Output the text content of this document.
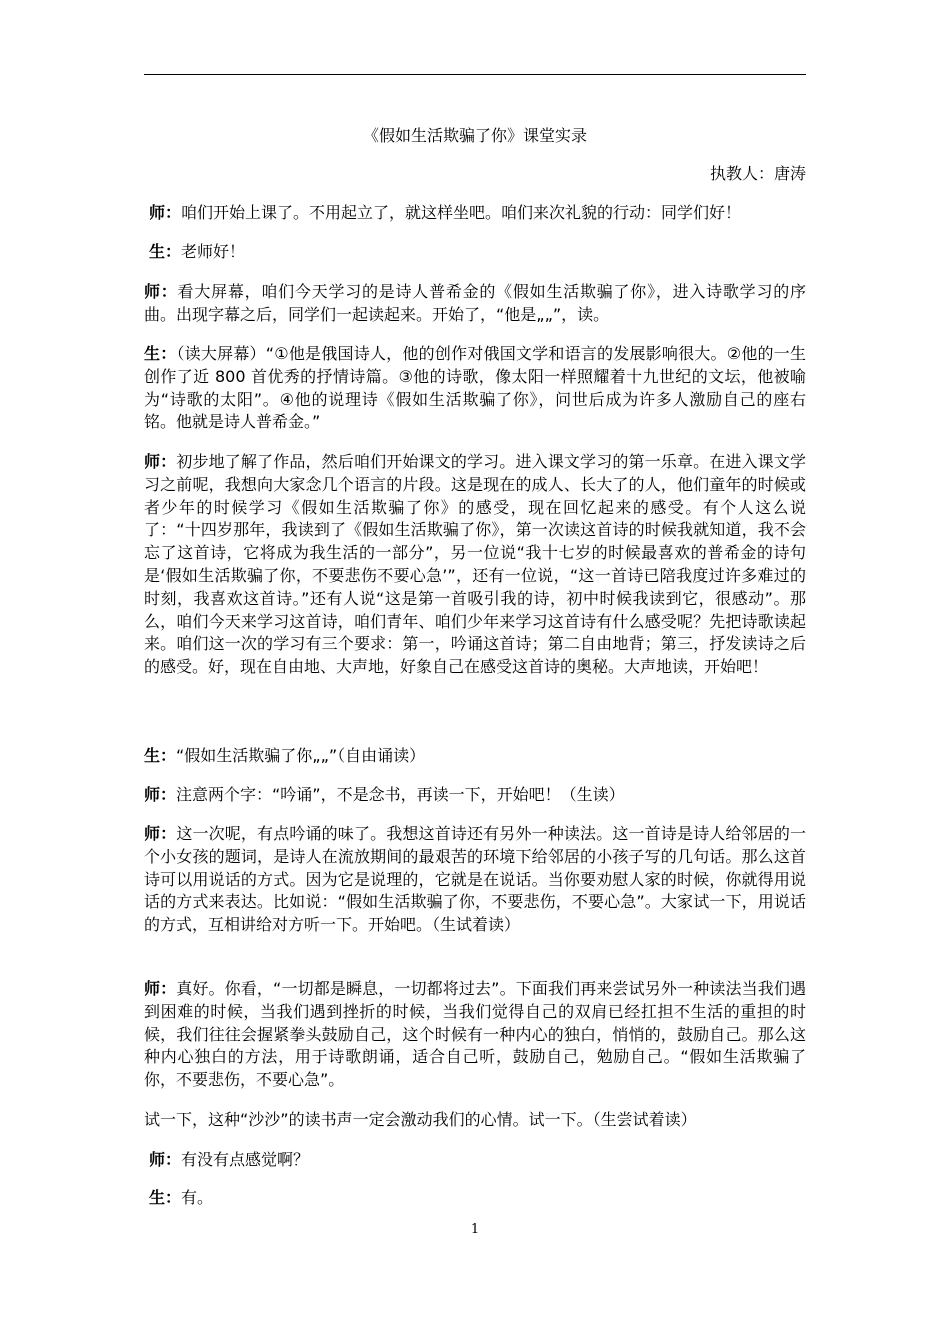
《假如生活欺骗了你》课堂实录
执教人：唐涛

师：咱们开始上课了。不用起立了，就这样坐吧。咱们来次礼貌的行动：同学们好！

生：老师好！

师：看大屏幕，咱们今天学习的是诗人普希金的《假如生活欺骗了你》，进入诗歌学习的序曲。出现字幕之后，同学们一起读起来。开始了，“他是„„”，读。

生：（读大屏幕）“①他是俄国诗人，他的创作对俄国文学和语言的发展影响很大。②他的一生创作了近 800 首优秀的抒情诗篇。③他的诗歌，像太阳一样照耀着十九世纪的文坛，他被喻为“诗歌的太阳”。④他的说理诗《假如生活欺骗了你》，问世后成为许多人激励自己的座右铭。他就是诗人普希金。”

师：初步地了解了作品，然后咱们开始课文的学习。进入课文学习的第一乐章。在进入课文学习之前呢，我想向大家念几个语言的片段。这是现在的成人、长大了的人，他们童年的时候或者少年的时候学习《假如生活欺骗了你》的感受，现在回忆起来的感受。有个人这么说了：“十四岁那年，我读到了《假如生活欺骗了你》，第一次读这首诗的时候我就知道，我不会忘了这首诗，它将成为我生活的一部分”，另一位说“我十七岁的时候最喜欢的普希金的诗句是‘假如生活欺骗了你，不要悲伤不要心急’”，还有一位说，“这一首诗已陪我度过许多难过的时刻，我喜欢这首诗。”还有人说“这是第一首吸引我的诗，初中时候我读到它，很感动”。那么，咱们今天来学习这首诗，咱们青年、咱们少年来学习这首诗有什么感受呢？先把诗歌读起来。咱们这一次的学习有三个要求：第一，吟诵这首诗；第二自由地背；第三，抒发读诗之后的感受。好，现在自由地、大声地，好象自己在感受这首诗的奥秘。大声地读，开始吧！

生：“假如生活欺骗了你„„”（自由诵读）

师：注意两个字：“吟诵”，不是念书，再读一下，开始吧！（生读）

师：这一次呢，有点吟诵的味了。我想这首诗还有另外一种读法。这一首诗是诗人给邻居的一个小女孩的题词，是诗人在流放期间的最艰苦的环境下给邻居的小孩子写的几句话。那么这首诗可以用说话的方式。因为它是说理的，它就是在说话。当你要劝慰人家的时候，你就得用说话的方式来表达。比如说：“假如生活欺骗了你，不要悲伤，不要心急”。大家试一下，用说话的方式，互相讲给对方听一下。开始吧。（生试着读）

师：真好。你看，“一切都是瞬息，一切都将过去”。下面我们再来尝试另外一种读法当我们遇到困难的时候，当我们遇到挫折的时候，当我们觉得自己的双肩已经扛担不生活的重担的时候，我们往往会握紧拳头鼓励自己，这个时候有一种内心的独白，悄悄的，鼓励自己。那么这种内心独白的方法，用于诗歌朗诵，适合自己听，鼓励自己，勉励自己。“假如生活欺骗了你，不要悲伤，不要心急”。

试一下，这种“沙沙”的读书声一定会激动我们的心情。试一下。（生尝试着读）

师：有没有点感觉啊？

生：有。

1
